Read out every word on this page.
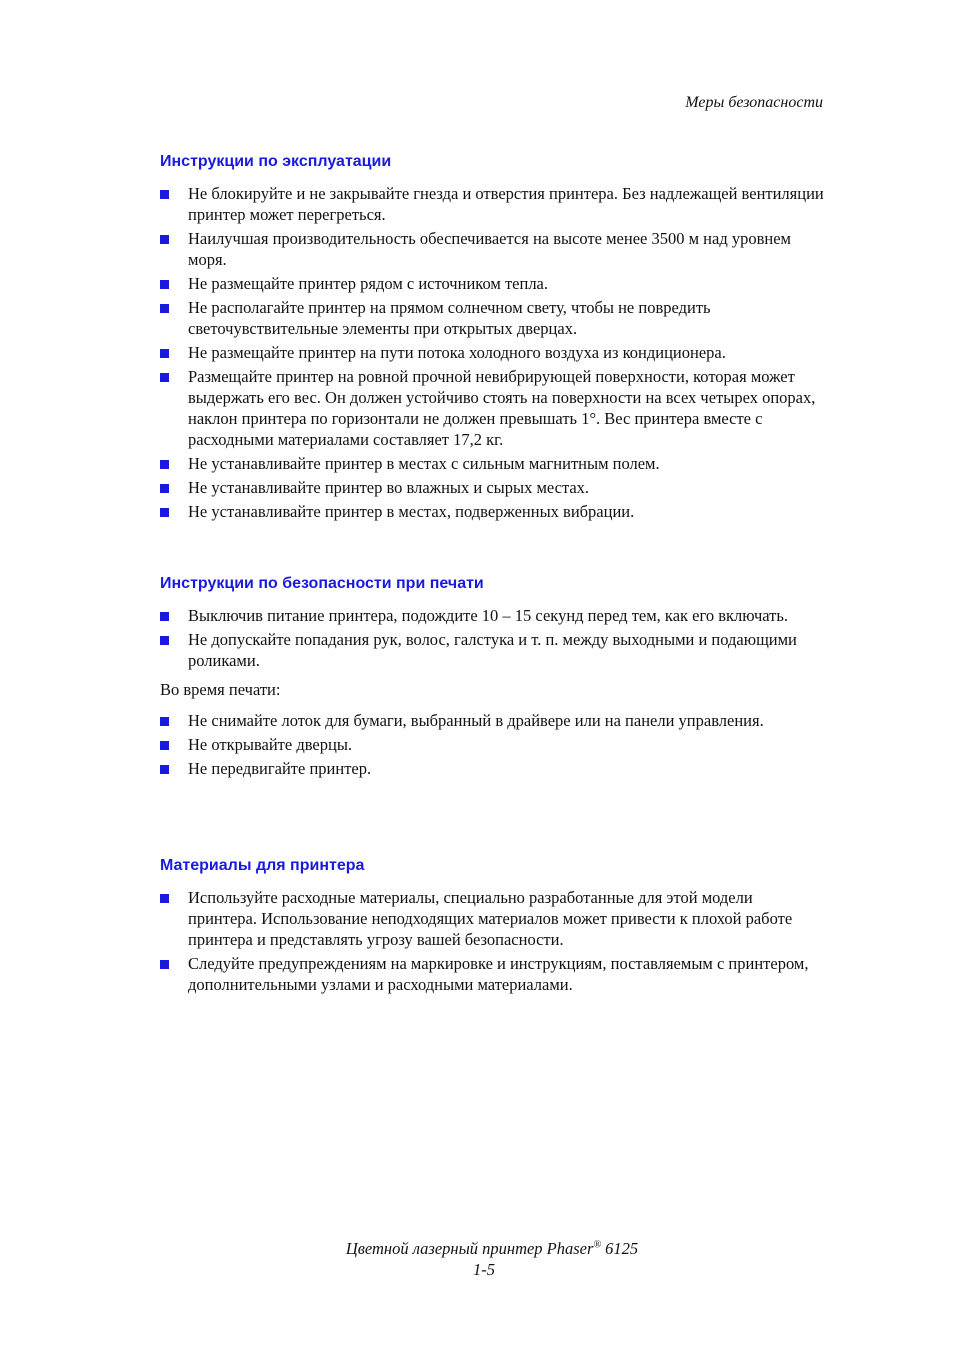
Меры безопасности
Инструкции по эксплуатации
Не блокируйте и не закрывайте гнезда и отверстия принтера. Без надлежащей вентиляции принтер может перегреться.
Наилучшая производительность обеспечивается на высоте менее 3500 м над уровнем моря.
Не размещайте принтер рядом с источником тепла.
Не располагайте принтер на прямом солнечном свету, чтобы не повредить светочувствительные элементы при открытых дверцах.
Не размещайте принтер на пути потока холодного воздуха из кондиционера.
Размещайте принтер на ровной прочной невибрирующей поверхности, которая может выдержать его вес. Он должен устойчиво стоять на поверхности на всех четырех опорах, наклон принтера по горизонтали не должен превышать 1°. Вес принтера вместе с расходными материалами составляет 17,2 кг.
Не устанавливайте принтер в местах с сильным магнитным полем.
Не устанавливайте принтер во влажных и сырых местах.
Не устанавливайте принтер в местах, подверженных вибрации.
Инструкции по безопасности при печати
Выключив питание принтера, подождите 10 – 15 секунд перед тем, как его включать.
Не допускайте попадания рук, волос, галстука и т. п. между выходными и подающими роликами.

Во время печати:

Не снимайте лоток для бумаги, выбранный в драйвере или на панели управления.
Не открывайте дверцы.
Не передвигайте принтер.
Материалы для принтера
Используйте расходные материалы, специально разработанные для этой модели принтера. Использование неподходящих материалов может привести к плохой работе принтера и представлять угрозу вашей безопасности.
Следуйте предупреждениям на маркировке и инструкциям, поставляемым с принтером, дополнительными узлами и расходными материалами.
Цветной лазерный принтер Phaser® 6125
1-5
